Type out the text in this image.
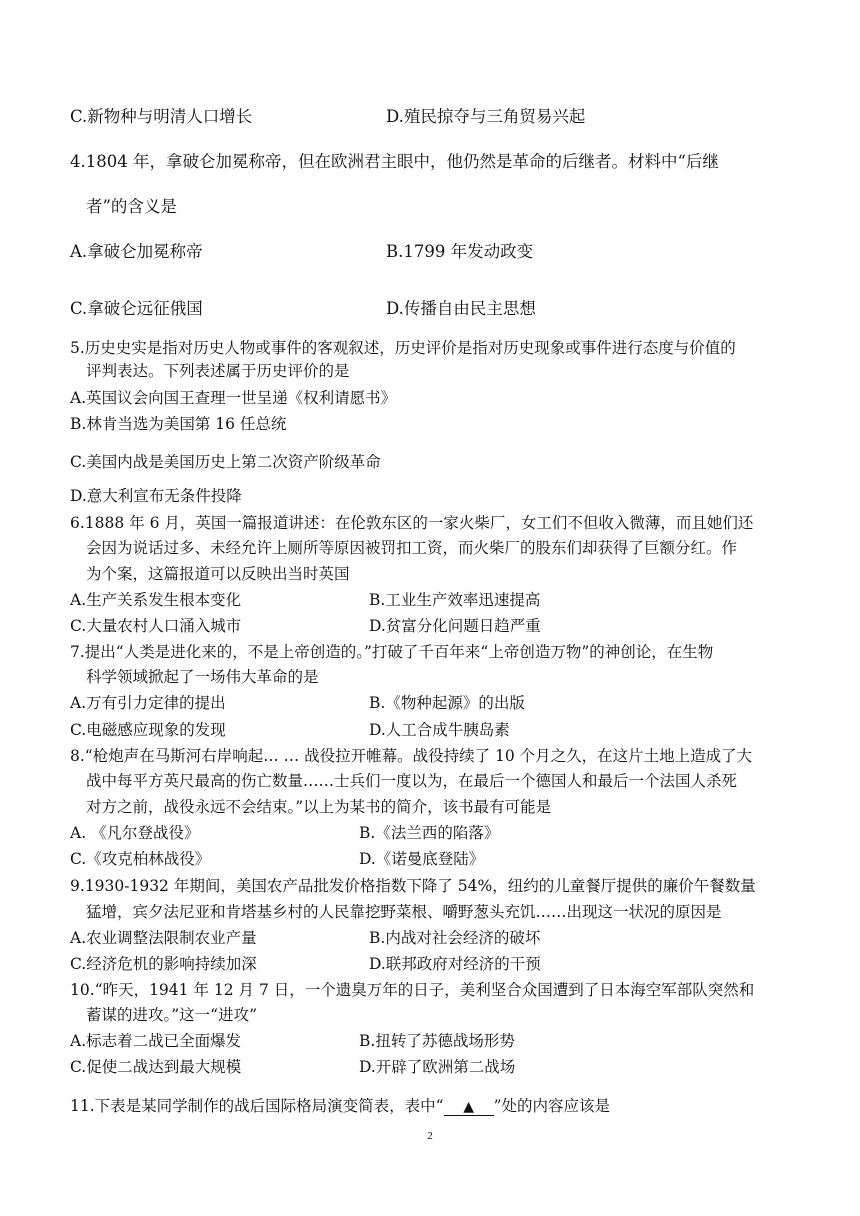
C.新物种与明清人口增长	D.殖民掠夺与三角贸易兴起
4.1804 年，拿破仑加冕称帝，但在欧洲君主眼中，他仍然是革命的后继者。材料中“后继
者”的含义是
A.拿破仑加冕称帝	B.1799 年发动政变
C.拿破仑远征俄国	D.传播自由民主思想
5.历史史实是指对历史人物或事件的客观叙述，历史评价是指对历史现象或事件进行态度与价值的
评判表达。下列表述属于历史评价的是
A.英国议会向国王查理一世呈递《权利请愿书》
B.林肯当选为美国第 16 任总统
C.美国内战是美国历史上第二次资产阶级革命
D.意大利宣布无条件投降
6.1888 年 6 月，英国一篇报道讲述：在伦敦东区的一家火柴厂，女工们不但收入微薄，而且她们还
会因为说话过多、未经允许上厕所等原因被罚扣工资，而火柴厂的股东们却获得了巨额分红。作
为个案，这篇报道可以反映出当时英国
A.生产关系发生根本变化	B.工业生产效率迅速提高
C.大量农村人口涌入城市	D.贫富分化问题日趋严重
7.提出“人类是进化来的，不是上帝创造的。”打破了千百年来“上帝创造万物”的神创论，在生物
科学领域掀起了一场伟大革命的是
A.万有引力定律的提出	B.《物种起源》的出版
C.电磁感应现象的发现	D.人工合成牛胰岛素
8.“枪炮声在马斯河右岸响起… … 战役拉开帷幕。战役持续了 10 个月之久，在这片土地上造成了大
战中每平方英尺最高的伤亡数量……士兵们一度以为，在最后一个德国人和最后一个法国人杀死
对方之前，战役永远不会结束。”以上为某书的简介，该书最有可能是
A. 《凡尔登战役》	B.《法兰西的陷落》
C.《攻克柏林战役》	D.《诺曼底登陆》
9.1930-1932 年期间，美国农产品批发价格指数下降了 54%，纽约的儿童餐厅提供的廉价午餐数量
猛增，宾夕法尼亚和肯塔基乡村的人民靠挖野菜根、嚼野葱头充饥……出现这一状况的原因是
A.农业调整法限制农业产量	B.内战对社会经济的破坏
C.经济危机的影响持续加深	D.联邦政府对经济的干预
10.“昨天，1941 年 12 月 7 日，一个遗臭万年的日子，美利坚合众国遭到了日本海空军部队突然和
蓄谋的进攻。”这一“进攻”
A.标志着二战已全面爆发	B.扭转了苏德战场形势
C.促使二战达到最大规模	D.开辟了欧洲第二战场
11.下表是某同学制作的战后国际格局演变简表，表中“ ▲ ”处的内容应该是
2
